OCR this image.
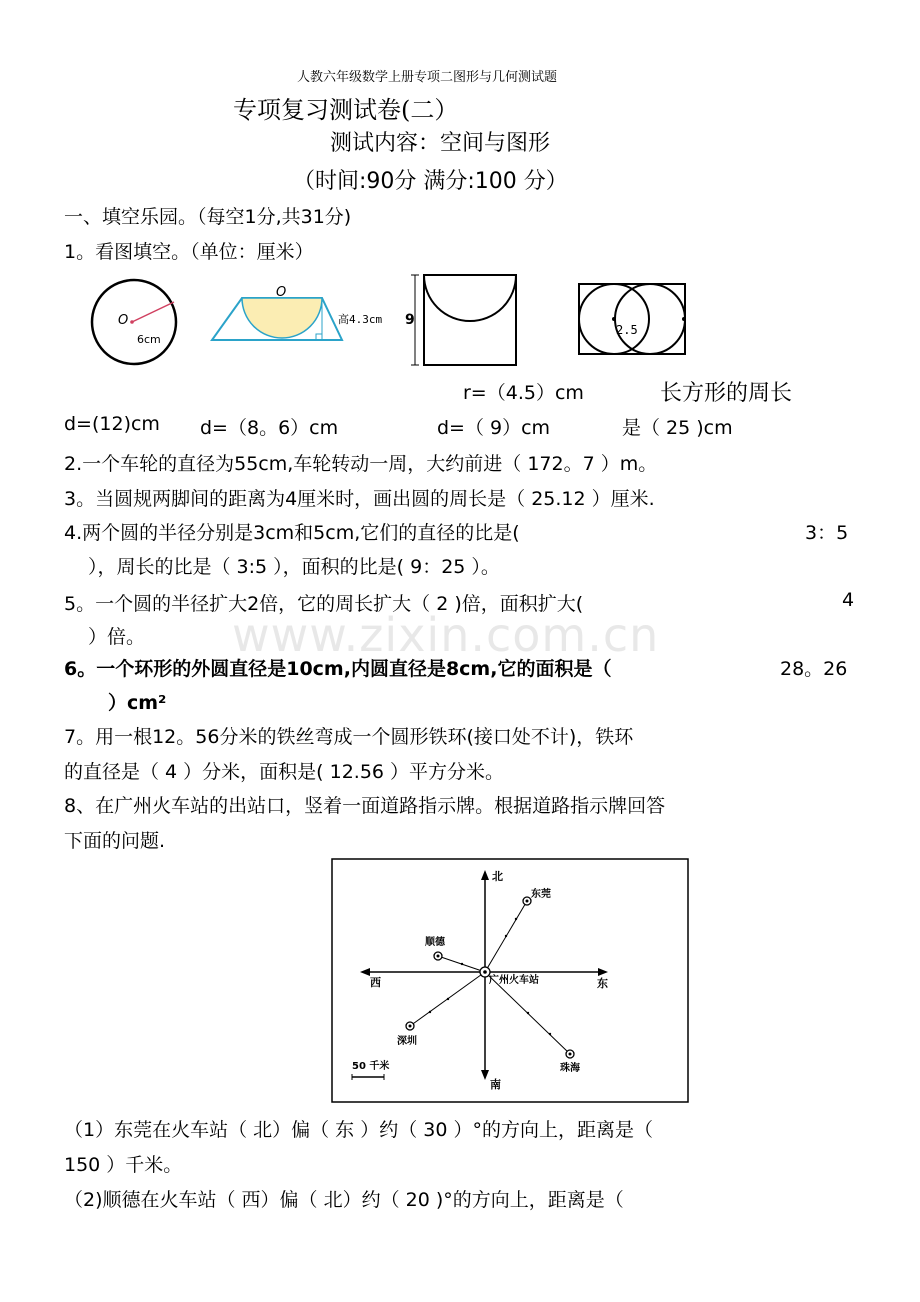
www.zixin.com.cn
人教六年级数学上册专项二图形与几何测试题
专项复习测试卷(二）
测试内容：空间与图形
（时间:90分 满分:100 分）
一、填空乐园。（每空1分,共31分)
1。看图填空。（单位：厘米）
O
6cm
O
高4.3cm 9
2.5
r=（4.5）cm	长方形的周长
d=(12)cm d=（8。6）cm	d=（ 9）cm	是（ 25 )cm
2.一个车轮的直径为55cm,车轮转动一周，大约前进（ 172。7 ）m。
3。当圆规两脚间的距离为4厘米时，画出圆的周长是（ 25.12 ）厘米.
4.两个圆的半径分别是3cm和5cm,它们的直径的比是(	3：5
），周长的比是（ 3:5 ），面积的比是( 9：25 ）。
5。一个圆的半径扩大2倍，它的周长扩大（ 2 )倍，面积扩大(	4
）倍。
6。一个环形的外圆直径是10cm,内圆直径是8cm,它的面积是（	28。26
）cm²
7。用一根12。56分米的铁丝弯成一个圆形铁环(接口处不计)，铁环
的直径是（ 4 ）分米，面积是( 12.56 ）平方分米。
8、在广州火车站的出站口，竖着一面道路指示牌。根据道路指示牌回答
下面的问题.
北
南
东
西	广州火车站
东莞
顺德
深圳
珠海
50 千米
（1）东莞在火车站（ 北）偏（ 东 ）约（ 30 ）°的方向上，距离是（
150 ）千米。
（2)顺德在火车站（ 西）偏（ 北）约（ 20 )°的方向上，距离是（
